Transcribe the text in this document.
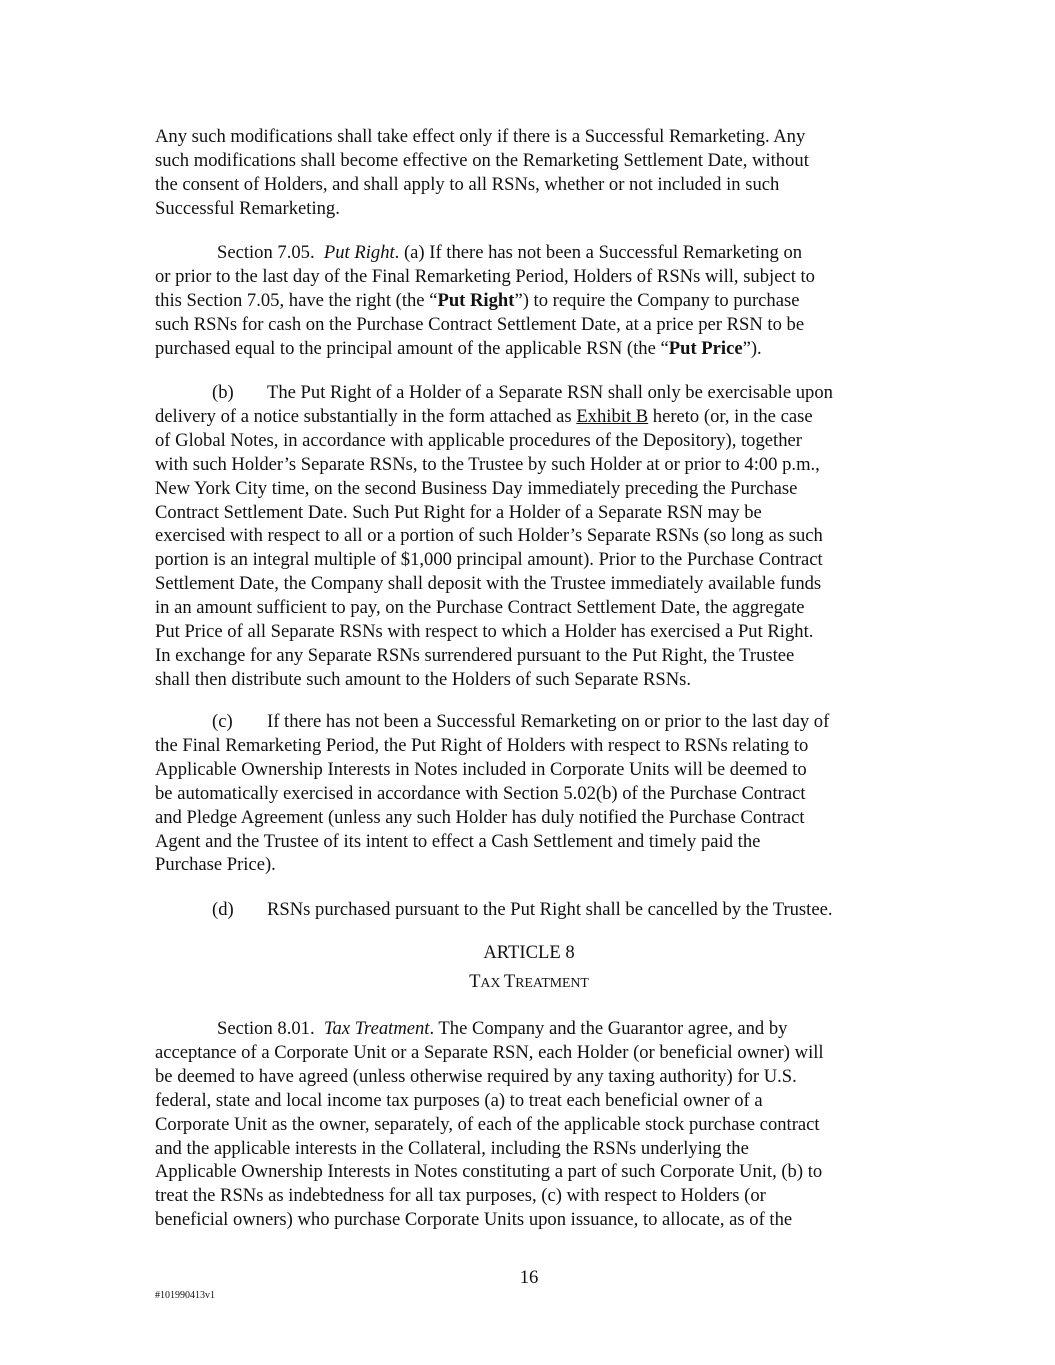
Any such modifications shall take effect only if there is a Successful Remarketing. Any
such modifications shall become effective on the Remarketing Settlement Date, without
the consent of Holders, and shall apply to all RSNs, whether or not included in such
Successful Remarketing.
Section 7.05. Put Right. (a) If there has not been a Successful Remarketing on
or prior to the last day of the Final Remarketing Period, Holders of RSNs will, subject to
this Section 7.05, have the right (the “Put Right”) to require the Company to purchase
such RSNs for cash on the Purchase Contract Settlement Date, at a price per RSN to be
purchased equal to the principal amount of the applicable RSN (the “Put Price”).
(b) The Put Right of a Holder of a Separate RSN shall only be exercisable upon
delivery of a notice substantially in the form attached as Exhibit B hereto (or, in the case
of Global Notes, in accordance with applicable procedures of the Depository), together
with such Holder’s Separate RSNs, to the Trustee by such Holder at or prior to 4:00 p.m.,
New York City time, on the second Business Day immediately preceding the Purchase
Contract Settlement Date. Such Put Right for a Holder of a Separate RSN may be
exercised with respect to all or a portion of such Holder’s Separate RSNs (so long as such
portion is an integral multiple of $1,000 principal amount). Prior to the Purchase Contract
Settlement Date, the Company shall deposit with the Trustee immediately available funds
in an amount sufficient to pay, on the Purchase Contract Settlement Date, the aggregate
Put Price of all Separate RSNs with respect to which a Holder has exercised a Put Right.
In exchange for any Separate RSNs surrendered pursuant to the Put Right, the Trustee
shall then distribute such amount to the Holders of such Separate RSNs.
(c) If there has not been a Successful Remarketing on or prior to the last day of
the Final Remarketing Period, the Put Right of Holders with respect to RSNs relating to
Applicable Ownership Interests in Notes included in Corporate Units will be deemed to
be automatically exercised in accordance with Section 5.02(b) of the Purchase Contract
and Pledge Agreement (unless any such Holder has duly notified the Purchase Contract
Agent and the Trustee of its intent to effect a Cash Settlement and timely paid the
Purchase Price).
(d) RSNs purchased pursuant to the Put Right shall be cancelled by the Trustee.
ARTICLE 8
TAX TREATMENT
Section 8.01. Tax Treatment. The Company and the Guarantor agree, and by
acceptance of a Corporate Unit or a Separate RSN, each Holder (or beneficial owner) will
be deemed to have agreed (unless otherwise required by any taxing authority) for U.S.
federal, state and local income tax purposes (a) to treat each beneficial owner of a
Corporate Unit as the owner, separately, of each of the applicable stock purchase contract
and the applicable interests in the Collateral, including the RSNs underlying the
Applicable Ownership Interests in Notes constituting a part of such Corporate Unit, (b) to
treat the RSNs as indebtedness for all tax purposes, (c) with respect to Holders (or
beneficial owners) who purchase Corporate Units upon issuance, to allocate, as of the
16
#101990413v1
